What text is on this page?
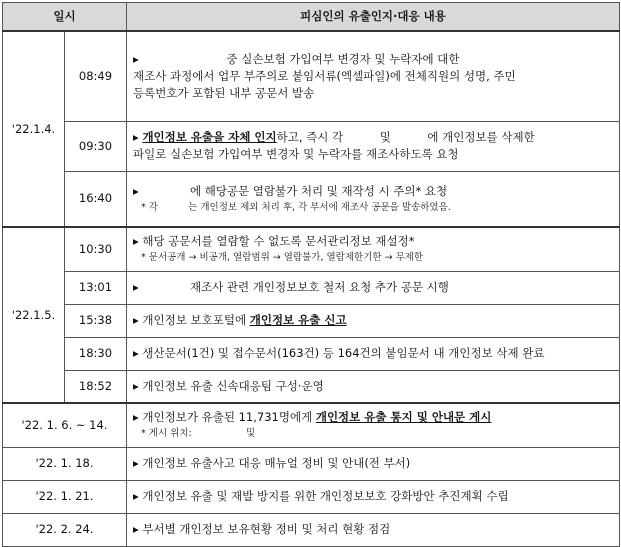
일시		피심인의 유출인지·대응 내용
'22.1.4.	08:49	▸                        중 실손보험 가입여부 변경자 및 누락자에 대한
재조사 과정에서 업무 부주의로 붙임서류(엑셀파일)에 전체직원의 성명, 주민
등록번호가 포함된 내부 공문서 발송

	09:30	▸ 개인정보 유출을 자체 인지하고, 즉시 각          및          에 개인정보를 삭제한
파일로 실손보험 가입여부 변경자 및 누락자를 재조사하도록 요청

	16:40	▸              에 해당공문 열람불가 처리 및 재작성 시 주의* 요청
* 각          는 개인정보 제외 처리 후, 각 부서에 재조사 공문을 발송하였음.

'22.1.5.	10:30	▸ 해당 공문서를 열람할 수 없도록 문서관리정보 재설정*
* 문서공개 → 비공개, 열람범위 → 열람불가, 열람제한기한 → 무제한

	13:01	▸              재조사 관련 개인정보보호 철저 요청 추가 공문 시행

	15:38	▸ 개인정보 보호포털에 개인정보 유출 신고

	18:30	▸ 생산문서(1건) 및 접수문서(163건) 등 164건의 붙임문서 내 개인정보 삭제 완료

	18:52	▸ 개인정보 유출 신속대응팀 구성·운영

'22. 1. 6. ~ 14.		▸ 개인정보가 유출된 11,731명에게 개인정보 유출 통지 및 안내문 게시
* 게시 위치:                  및

'22. 1. 18.		▸ 개인정보 유출사고 대응 매뉴얼 정비 및 안내(전 부서)

'22. 1. 21.		▸ 개인정보 유출 및 재발 방지를 위한 개인정보보호 강화방안 추진계획 수립

'22. 2. 24.		▸ 부서별 개인정보 보유현황 정비 및 처리 현황 점검
